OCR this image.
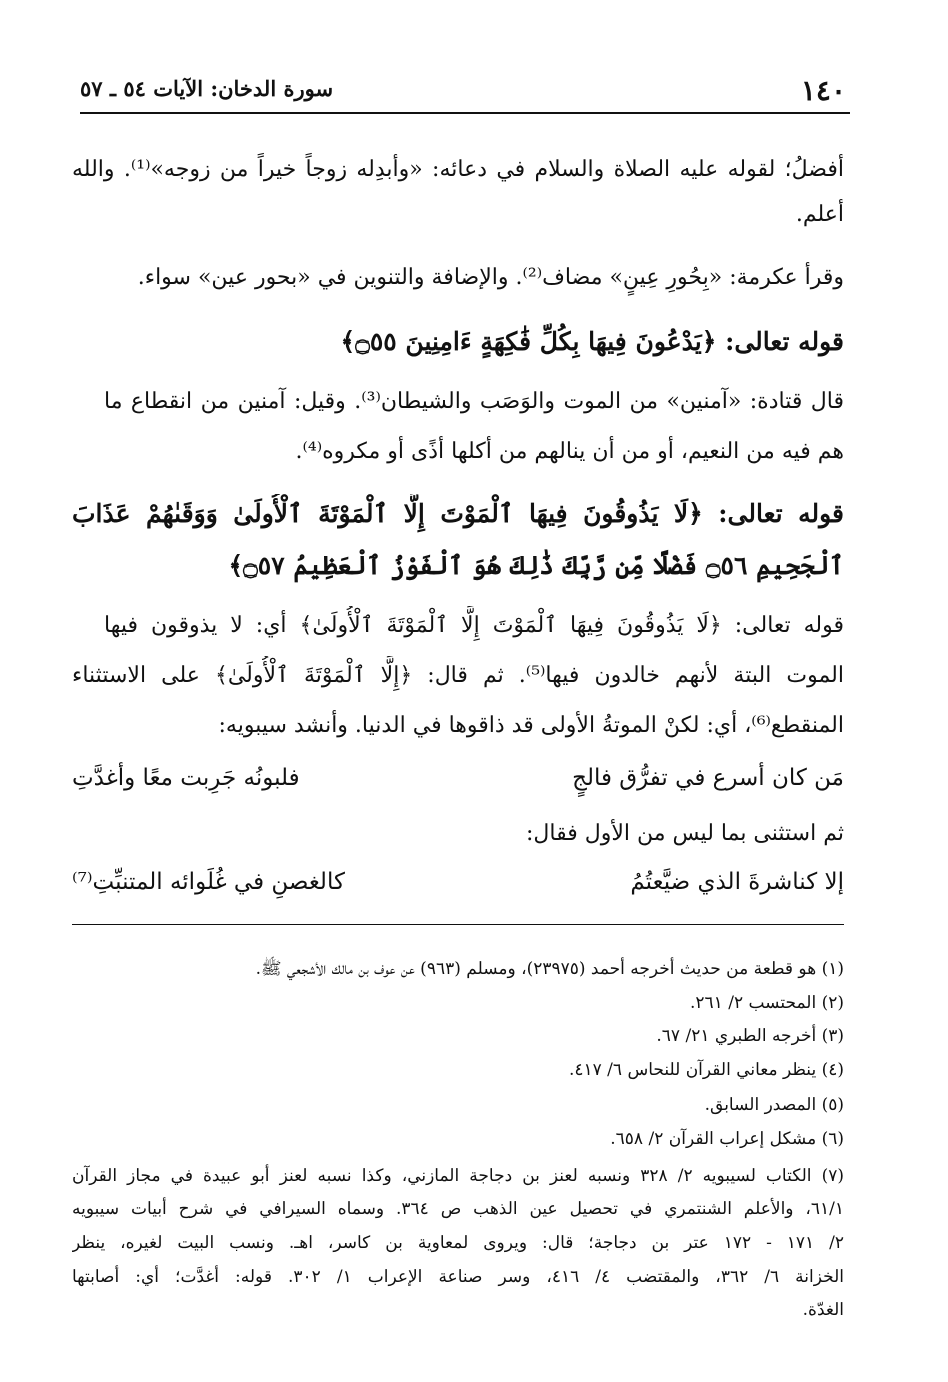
١٤٠
سورة الدخان: الآيات ٥٤ ـ ٥٧
أفضلُ؛ لقوله عليه الصلاة والسلام في دعائه: «وأبدِله زوجاً خيراً من زوجه»⁽¹⁾. والله
أعلم.
وقرأ عكرمة: «بِحُورِ عِينٍ» مضاف⁽²⁾. والإضافة والتنوين في «بحور عين» سواء.
قوله تعالى: ﴿يَدْعُونَ فِيهَا بِكُلِّ فَٰكِهَةٍ ءَامِنِينَ ۝٥٥﴾
قال قتادة: «آمنين» من الموت والوَصَب والشيطان⁽³⁾. وقيل: آمنين من انقطاع ما
هم فيه من النعيم، أو من أن ينالهم من أكلها أذًى أو مكروه⁽⁴⁾.
قوله تعالى: ﴿لَا يَذُوقُونَ فِيهَا ٱلْمَوْتَ إِلَّا ٱلْمَوْتَةَ ٱلْأُولَىٰ وَوَقَىٰهُمْ عَذَابَ
ٱلْجَحِيمِ ۝٥٦ فَضْلًا مِّن رَّبِّكَ ذَٰلِكَ هُوَ ٱلْفَوْزُ ٱلْعَظِيمُ ۝٥٧﴾
قوله تعالى: ﴿لَا يَذُوقُونَ فِيهَا ٱلْمَوْتَ إِلَّا ٱلْمَوْتَةَ ٱلْأُولَىٰ﴾ أي: لا يذوقون فيها
الموت البتة لأنهم خالدون فيها⁽⁵⁾. ثم قال: ﴿إِلَّا ٱلْمَوْتَةَ ٱلْأُولَىٰ﴾ على الاستثناء
المنقطع⁽⁶⁾، أي: لكنْ الموتةُ الأولى قد ذاقوها في الدنيا. وأنشد سيبويه:
مَن كان أسرع في تفرُّق فالجٍ
فلبونُه جَرِبت معًا وأغدَّتِ
ثم استثنى بما ليس من الأول فقال:
إلا كناشرةَ الذي ضيَّعتُمُ
كالغصنِ في غُلَوائه المتنبِّتِ⁽⁷⁾
(١) هو قطعة من حديث أخرجه أحمد (٢٣٩٧٥)، ومسلم (٩٦٣) عن عوف بن مالك الأشجعي ﷺ.
(٢) المحتسب ٢/ ٢٦١.
(٣) أخرجه الطبري ٢١/ ٦٧.
(٤) ينظر معاني القرآن للنحاس ٦/ ٤١٧.
(٥) المصدر السابق.
(٦) مشكل إعراب القرآن ٢/ ٦٥٨.
(٧) الكتاب لسيبويه ٢/ ٣٢٨ ونسبه لعنز بن دجاجة المازني، وكذا نسبه لعنز أبو عبيدة في مجاز القرآن
٦١/١، والأعلم الشنتمري في تحصيل عين الذهب ص ٣٦٤. وسماه السيرافي في شرح أبيات سيبويه
٢/ ١٧١ - ١٧٢ عتر بن دجاجة؛ قال: ويروى لمعاوية بن كاسر، اهـ. ونسب البيت لغيره، ينظر
الخزانة ٦/ ٣٦٢، والمقتضب ٤/ ٤١٦، وسر صناعة الإعراب ١/ ٣٠٢. قوله: أغدَّت؛ أي: أصابتها
الغدّة.
